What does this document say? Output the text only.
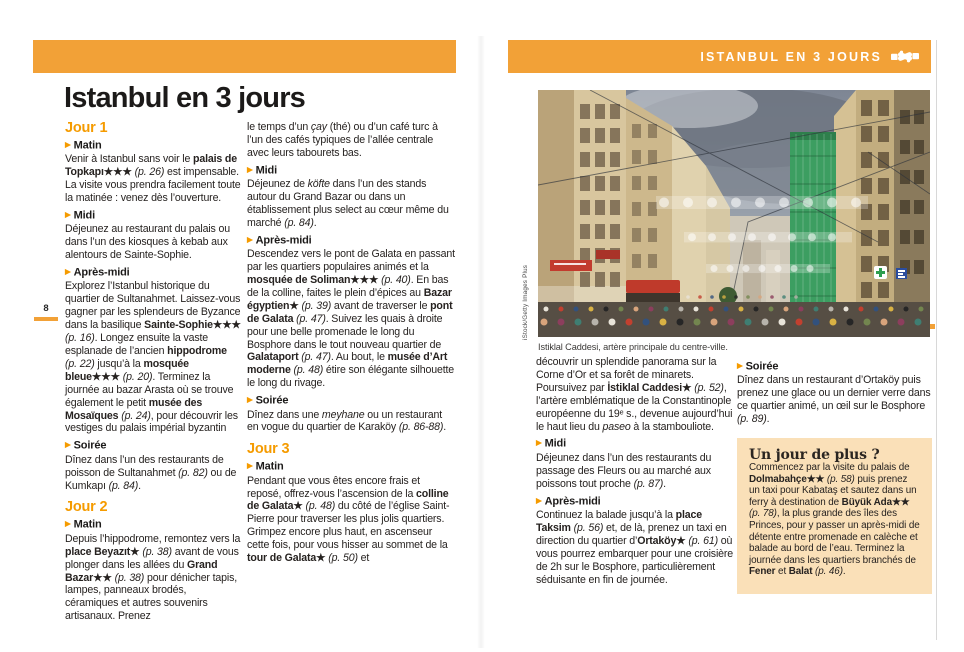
Istanbul en 3 jours
8
Jour 1
▶ Matin

Venir à Istanbul sans voir le palais de Topkapı★★★ (p. 26) est impensable. La visite vous prendra facilement toute la matinée : venez dès l’ouverture.

▶ Midi

Déjeunez au restaurant du palais ou dans l’un des kiosques à kebab aux alentours de Sainte-Sophie.

▶ Après-midi

Explorez l’Istanbul historique du quartier de Sultanahmet. Laissez-vous gagner par les splendeurs de Byzance dans la basilique Sainte-Sophie★★★ (p. 16). Longez ensuite la vaste esplanade de l’ancien hippodrome (p. 22) jusqu’à la mosquée bleue★★★ (p. 20). Terminez la journée au bazar Arasta où se trouve également le petit musée des Mosaïques (p. 24), pour découvrir les vestiges du palais impérial byzantin

▶ Soirée

Dînez dans l’un des restaurants de poisson de Sultanahmet (p. 82) ou de Kumkapı (p. 84).

Jour 2
▶ Matin

Depuis l’hippodrome, remontez vers la place Beyazıt★ (p. 38) avant de vous plonger dans les allées du Grand Bazar★★ (p. 38) pour dénicher tapis, lampes, panneaux brodés, céramiques et autres souvenirs artisanaux. Prenez

le temps d’un çay (thé) ou d’un café turc à l’un des cafés typiques de l’allée centrale avec leurs tabourets bas.

▶ Midi

Déjeunez de köfte dans l’un des stands autour du Grand Bazar ou dans un établissement plus select au cœur même du marché (p. 84).

▶ Après-midi

Descendez vers le pont de Galata en passant par les quartiers populaires animés et la mosquée de Soliman★★★ (p. 40). En bas de la colline, faites le plein d’épices au Bazar égyptien★ (p. 39) avant de traverser le pont de Galata (p. 47). Suivez les quais à droite pour une belle promenade le long du Bosphore dans le tout nouveau quartier de Galataport (p. 47). Au bout, le musée d’Art moderne (p. 48) étire son élégante silhouette le long du rivage.

▶ Soirée

Dînez dans une meyhane ou un restaurant en vogue du quartier de Karaköy (p. 86-88).

Jour 3
▶ Matin

Pendant que vous êtes encore frais et reposé, offrez-vous l’ascension de la colline de Galata★ (p. 48) du côté de l’église Saint-Pierre pour traverser les plus jolis quartiers. Grimpez encore plus haut, en ascenseur cette fois, pour vous hisser au sommet de la tour de Galata★ (p. 50) et

ISTANBUL EN 3 JOURS
Istiklal Caddesi, artère principale du centre-ville.
iStock/Getty Images Plus

découvrir un splendide panorama sur la Corne d’Or et sa forêt de minarets. Poursuivez par İstiklal Caddesi★ (p. 52), l’artère emblématique de la Constantinople européenne du 19ᵉ s., devenue aujourd’hui le haut lieu du paseo à la stambouliote.

▶ Midi

Déjeunez dans l’un des restaurants du passage des Fleurs ou au marché aux poissons tout proche (p. 87).

▶ Après-midi

Continuez la balade jusqu’à la place Taksim (p. 56) et, de là, prenez un taxi en direction du quartier d’Ortaköy★ (p. 61) où vous pourrez embarquer pour une croisière de 2h sur le Bosphore, particulièrement séduisante en fin de journée.

▶ Soirée

Dînez dans un restaurant d’Ortaköy puis prenez une glace ou un dernier verre dans ce quartier animé, un œil sur le Bosphore (p. 89).

Un jour de plus ?

Commencez par la visite du palais de Dolmabahçe★★ (p. 58) puis prenez un taxi pour Kabataş et sautez dans un ferry à destination de Büyük Ada★★ (p. 78), la plus grande des îles des Princes, pour y passer un après-midi de détente entre promenade en calèche et balade au bord de l’eau. Terminez la journée dans les quartiers branchés de Fener et Balat (p. 46).
